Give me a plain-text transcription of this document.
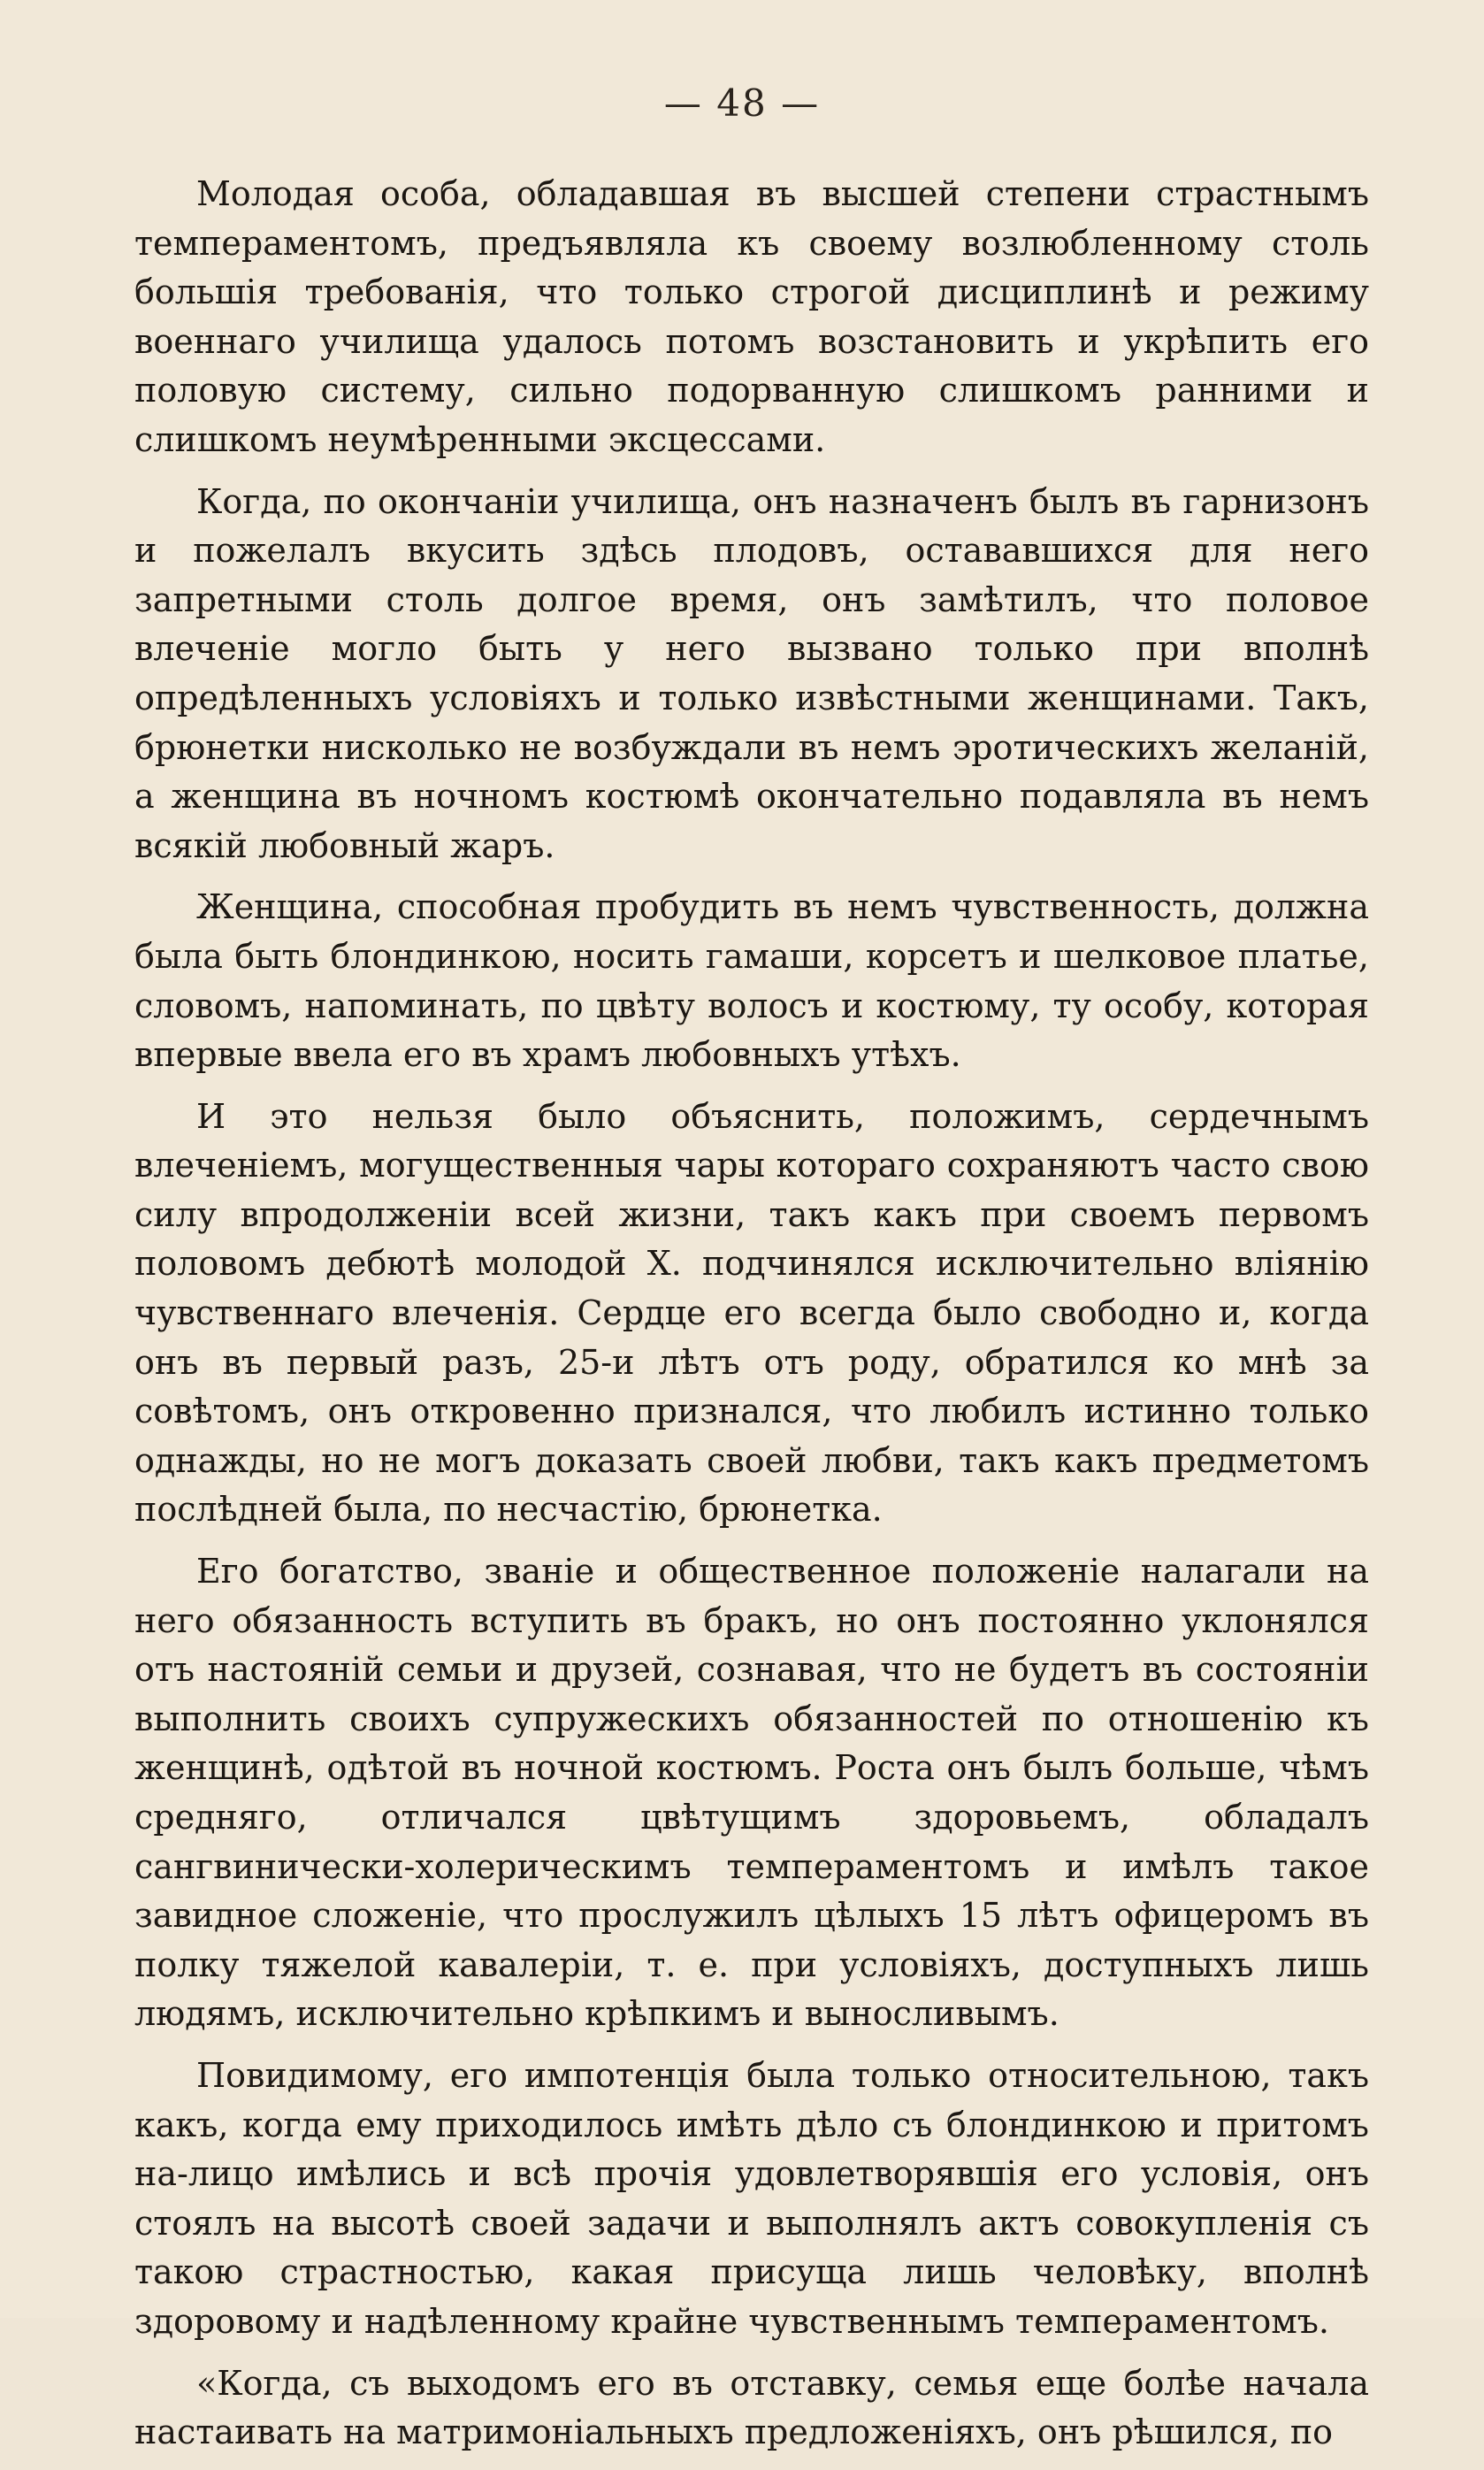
— 48 —

Молодая особа, обладавшая въ высшей степени страстнымъ темпераментомъ, предъявляла къ своему возлюбленному столь большія требованія, что только строгой дисциплинѣ и режиму военнаго училища удалось потомъ возстановить и укрѣпить его половую систему, сильно подорванную слишкомъ ранними и слишкомъ неумѣренными эксцессами.

Когда, по окончаніи училища, онъ назначенъ былъ въ гарнизонъ и пожелалъ вкусить здѣсь плодовъ, остававшихся для него запретными столь долгое время, онъ замѣтилъ, что половое влеченіе могло быть у него вызвано только при вполнѣ опредѣленныхъ условіяхъ и только извѣстными женщинами. Такъ, брюнетки нисколько не возбуждали въ немъ эротическихъ желаній, а женщина въ ночномъ костюмѣ окончательно подавляла въ немъ всякій любовный жаръ.

Женщина, способная пробудить въ немъ чувственность, должна была быть блондинкою, носить гамаши, корсетъ и шелковое платье, словомъ, напоминать, по цвѣту волосъ и костюму, ту особу, которая впервые ввела его въ храмъ любовныхъ утѣхъ.

И это нельзя было объяснить, положимъ, сердечнымъ влеченіемъ, могущественныя чары котораго сохраняютъ часто свою силу впродолженіи всей жизни, такъ какъ при своемъ первомъ половомъ дебютѣ молодой X. подчинялся исключительно вліянію чувственнаго влеченія. Сердце его всегда было свободно и, когда онъ въ первый разъ, 25-и лѣтъ отъ роду, обратился ко мнѣ за совѣтомъ, онъ откровенно признался, что любилъ истинно только однажды, но не могъ доказать своей любви, такъ какъ предметомъ послѣдней была, по несчастію, брюнетка.

Его богатство, званіе и общественное положеніе налагали на него обязанность вступить въ бракъ, но онъ постоянно уклонялся отъ настояній семьи и друзей, сознавая, что не будетъ въ состояніи выполнить своихъ супружескихъ обязанностей по отношенію къ женщинѣ, одѣтой въ ночной костюмъ. Роста онъ былъ больше, чѣмъ средняго, отличался цвѣтущимъ здоровьемъ, обладалъ сангвинически-холерическимъ темпераментомъ и имѣлъ такое завидное сложеніе, что прослужилъ цѣлыхъ 15 лѣтъ офицеромъ въ полку тяжелой кавалеріи, т. е. при условіяхъ, доступныхъ лишь людямъ, исключительно крѣпкимъ и выносливымъ.

Повидимому, его импотенція была только относительною, такъ какъ, когда ему приходилось имѣть дѣло съ блондинкою и притомъ на-лицо имѣлись и всѣ прочія удовлетворявшія его условія, онъ стоялъ на высотѣ своей задачи и выполнялъ актъ совокупленія съ такою страстностью, какая присуща лишь человѣку, вполнѣ здоровому и надѣленному крайне чувственнымъ темпераментомъ.

«Когда, съ выходомъ его въ отставку, семья еще болѣе начала настаивать на матримоніальныхъ предложеніяхъ, онъ рѣшился, по
